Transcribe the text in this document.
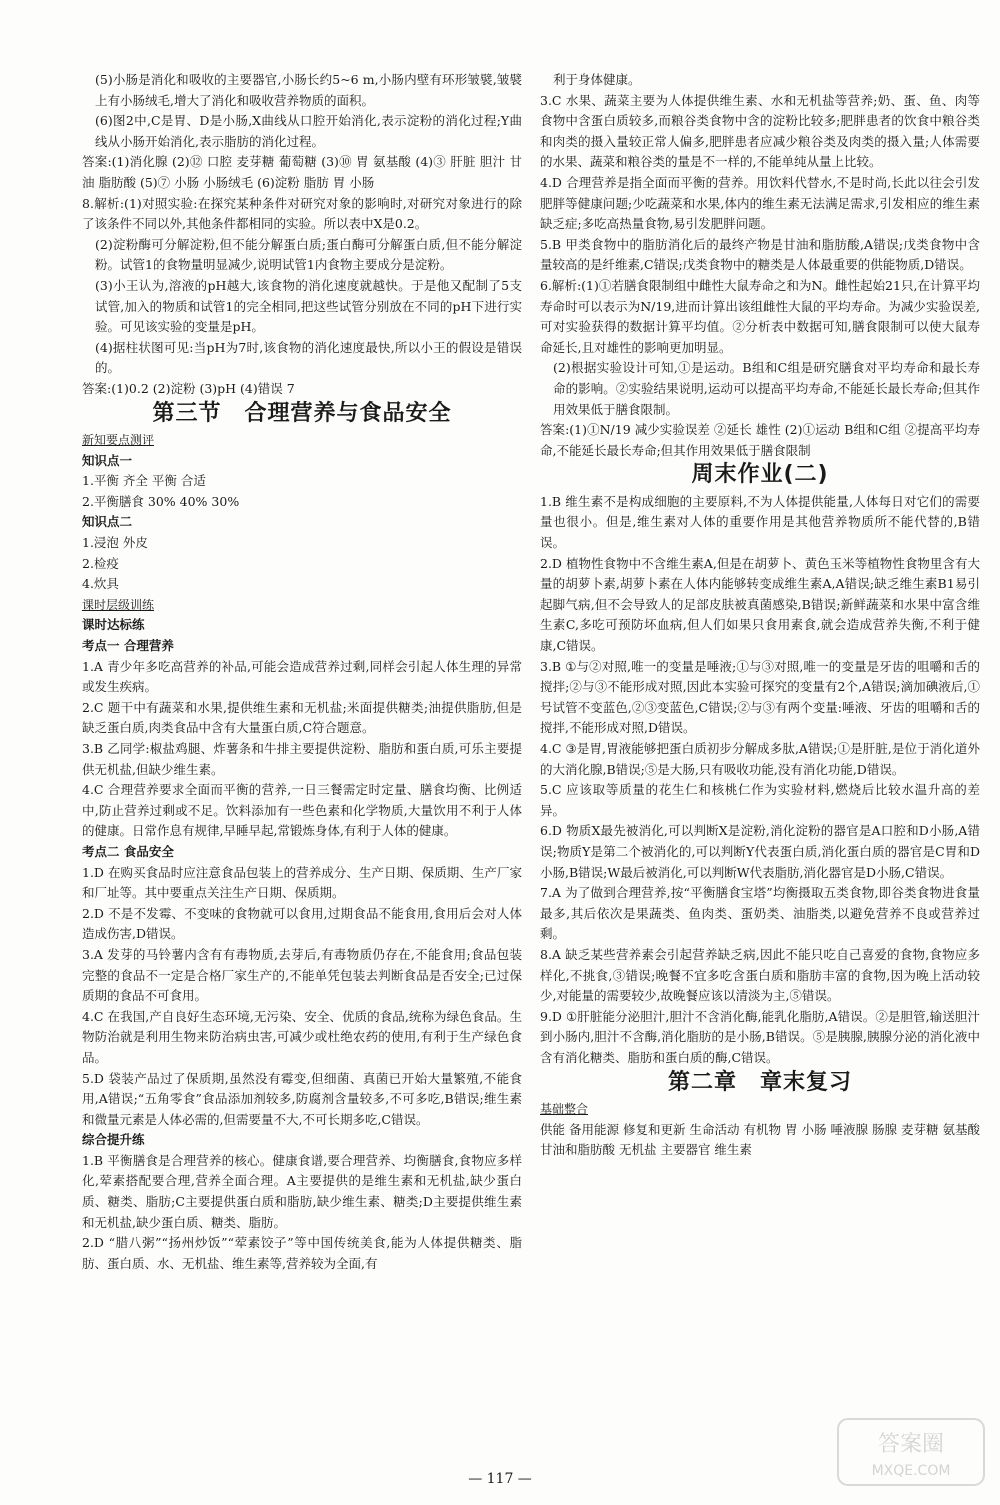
(5)小肠是消化和吸收的主要器官,小肠长约5~6 m,小肠内壁有环形皱襞,皱襞上有小肠绒毛,增大了消化和吸收营养物质的面积。

(6)图2中,C是胃、D是小肠,X曲线从口腔开始消化,表示淀粉的消化过程;Y曲线从小肠开始消化,表示脂肪的消化过程。

答案:(1)消化腺 (2)⑫ 口腔 麦芽糖 葡萄糖 (3)⑩ 胃 氨基酸 (4)③ 肝脏 胆汁 甘油 脂肪酸 (5)⑦ 小肠 小肠绒毛 (6)淀粉 脂肪 胃 小肠

8.解析:(1)对照实验:在探究某种条件对研究对象的影响时,对研究对象进行的除了该条件不同以外,其他条件都相同的实验。所以表中X是0.2。

(2)淀粉酶可分解淀粉,但不能分解蛋白质;蛋白酶可分解蛋白质,但不能分解淀粉。试管1的食物量明显减少,说明试管1内食物主要成分是淀粉。

(3)小王认为,溶液的pH越大,该食物的消化速度就越快。于是他又配制了5支试管,加入的物质和试管1的完全相同,把这些试管分别放在不同的pH下进行实验。可见该实验的变量是pH。

(4)据柱状图可见:当pH为7时,该食物的消化速度最快,所以小王的假设是错误的。

答案:(1)0.2 (2)淀粉 (3)pH (4)错误 7

第三节　合理营养与食品安全

新知要点测评

知识点一

1.平衡 齐全 平衡 合适

2.平衡膳食 30% 40% 30%

知识点二

1.浸泡 外皮

2.检疫

4.炊具

课时层级训练

课时达标练

考点一 合理营养

1.A 青少年多吃高营养的补品,可能会造成营养过剩,同样会引起人体生理的异常或发生疾病。

2.C 题干中有蔬菜和水果,提供维生素和无机盐;米面提供糖类;油提供脂肪,但是缺乏蛋白质,肉类食品中含有大量蛋白质,C符合题意。

3.B 乙同学:椒盐鸡腿、炸薯条和牛排主要提供淀粉、脂肪和蛋白质,可乐主要提供无机盐,但缺少维生素。

4.C 合理营养要求全面而平衡的营养,一日三餐需定时定量、膳食均衡、比例适中,防止营养过剩或不足。饮料添加有一些色素和化学物质,大量饮用不利于人体的健康。日常作息有规律,早睡早起,常锻炼身体,有利于人体的健康。

考点二 食品安全

1.D 在购买食品时应注意食品包装上的营养成分、生产日期、保质期、生产厂家和厂址等。其中要重点关注生产日期、保质期。

2.D 不是不发霉、不变味的食物就可以食用,过期食品不能食用,食用后会对人体造成伤害,D错误。

3.A 发芽的马铃薯内含有有毒物质,去芽后,有毒物质仍存在,不能食用;食品包装完整的食品不一定是合格厂家生产的,不能单凭包装去判断食品是否安全;已过保质期的食品不可食用。

4.C 在我国,产自良好生态环境,无污染、安全、优质的食品,统称为绿色食品。生物防治就是利用生物来防治病虫害,可减少或杜绝农药的使用,有利于生产绿色食品。

5.D 袋装产品过了保质期,虽然没有霉变,但细菌、真菌已开始大量繁殖,不能食用,A错误;“五角零食”食品添加剂较多,防腐剂含量较多,不可多吃,B错误;维生素和微量元素是人体必需的,但需要量不大,不可长期多吃,C错误。

综合提升练

1.B 平衡膳食是合理营养的核心。健康食谱,要合理营养、均衡膳食,食物应多样化,荤素搭配要合理,营养全面合理。A主要提供的是维生素和无机盐,缺少蛋白质、糖类、脂肪;C主要提供蛋白质和脂肪,缺少维生素、糖类;D主要提供维生素和无机盐,缺少蛋白质、糖类、脂肪。

2.D “腊八粥”“扬州炒饭”“荤素饺子”等中国传统美食,能为人体提供糖类、脂肪、蛋白质、水、无机盐、维生素等,营养较为全面,有

利于身体健康。

3.C 水果、蔬菜主要为人体提供维生素、水和无机盐等营养;奶、蛋、鱼、肉等食物中含蛋白质较多,而粮谷类食物中含的淀粉比较多;肥胖患者的饮食中粮谷类和肉类的摄入量较正常人偏多,肥胖患者应减少粮谷类及肉类的摄入量;人体需要的水果、蔬菜和粮谷类的量是不一样的,不能单纯从量上比较。

4.D 合理营养是指全面而平衡的营养。用饮料代替水,不是时尚,长此以往会引发肥胖等健康问题;少吃蔬菜和水果,体内的维生素无法满足需求,引发相应的维生素缺乏症;多吃高热量食物,易引发肥胖问题。

5.B 甲类食物中的脂肪消化后的最终产物是甘油和脂肪酸,A错误;戊类食物中含量较高的是纤维素,C错误;戊类食物中的糖类是人体最重要的供能物质,D错误。

6.解析:(1)①若膳食限制组中雌性大鼠寿命之和为N。雌性起始21只,在计算平均寿命时可以表示为N/19,进而计算出该组雌性大鼠的平均寿命。为减少实验误差,可对实验获得的数据计算平均值。②分析表中数据可知,膳食限制可以使大鼠寿命延长,且对雄性的影响更加明显。

(2)根据实验设计可知,①是运动。B组和C组是研究膳食对平均寿命和最长寿命的影响。②实验结果说明,运动可以提高平均寿命,不能延长最长寿命;但其作用效果低于膳食限制。

答案:(1)①N/19 减少实验误差 ②延长 雄性 (2)①运动 B组和C组 ②提高平均寿命,不能延长最长寿命;但其作用效果低于膳食限制

周末作业(二)

1.B 维生素不是构成细胞的主要原料,不为人体提供能量,人体每日对它们的需要量也很小。但是,维生素对人体的重要作用是其他营养物质所不能代替的,B错误。

2.D 植物性食物中不含维生素A,但是在胡萝卜、黄色玉米等植物性食物里含有大量的胡萝卜素,胡萝卜素在人体内能够转变成维生素A,A错误;缺乏维生素B1易引起脚气病,但不会导致人的足部皮肤被真菌感染,B错误;新鲜蔬菜和水果中富含维生素C,多吃可预防坏血病,但人们如果只食用素食,就会造成营养失衡,不利于健康,C错误。

3.B ①与②对照,唯一的变量是唾液;①与③对照,唯一的变量是牙齿的咀嚼和舌的搅拌;②与③不能形成对照,因此本实验可探究的变量有2个,A错误;滴加碘液后,①号试管不变蓝色,②③变蓝色,C错误;②与③有两个变量:唾液、牙齿的咀嚼和舌的搅拌,不能形成对照,D错误。

4.C ③是胃,胃液能够把蛋白质初步分解成多肽,A错误;①是肝脏,是位于消化道外的大消化腺,B错误;⑤是大肠,只有吸收功能,没有消化功能,D错误。

5.C 应该取等质量的花生仁和核桃仁作为实验材料,燃烧后比较水温升高的差异。

6.D 物质X最先被消化,可以判断X是淀粉,消化淀粉的器官是A口腔和D小肠,A错误;物质Y是第二个被消化的,可以判断Y代表蛋白质,消化蛋白质的器官是C胃和D小肠,B错误;W最后被消化,可以判断W代表脂肪,消化器官是D小肠,C错误。

7.A 为了做到合理营养,按“平衡膳食宝塔”均衡摄取五类食物,即谷类食物进食量最多,其后依次是果蔬类、鱼肉类、蛋奶类、油脂类,以避免营养不良或营养过剩。

8.A 缺乏某些营养素会引起营养缺乏病,因此不能只吃自己喜爱的食物,食物应多样化,不挑食,③错误;晚餐不宜多吃含蛋白质和脂肪丰富的食物,因为晚上活动较少,对能量的需要较少,故晚餐应该以清淡为主,⑤错误。

9.D ①肝脏能分泌胆汁,胆汁不含消化酶,能乳化脂肪,A错误。②是胆管,输送胆汁到小肠内,胆汁不含酶,消化脂肪的是小肠,B错误。⑤是胰腺,胰腺分泌的消化液中含有消化糖类、脂肪和蛋白质的酶,C错误。

第二章　章末复习

基础整合

供能 备用能源 修复和更新 生命活动 有机物 胃 小肠 唾液腺 肠腺 麦芽糖 氨基酸 甘油和脂肪酸 无机盐 主要器官 维生素

— 117 —
答案圈
MXQE.COM
